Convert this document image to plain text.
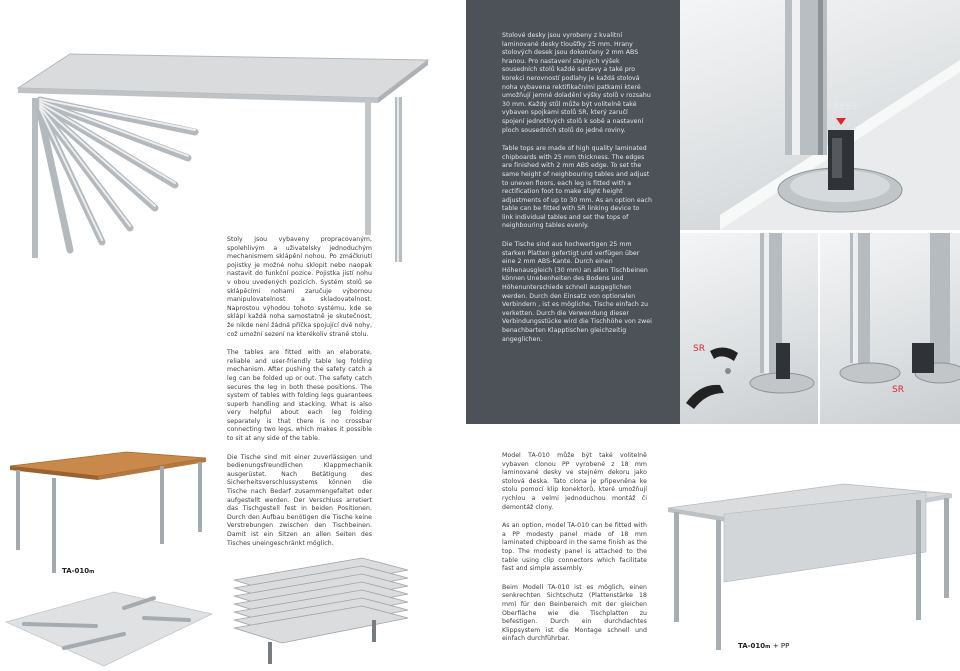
Stoly jsou vybaveny propracovaným, spolehlivým a uživatelsky jednoduchým mechanismem sklápění nohou. Po zmáčknutí pojistky je možné nohu sklopit nebo naopak nastavit do funkční pozice. Pojistka jistí nohu v obou uvedených pozicích. Systém stolů se sklápěcími nohami zaručuje výbornou manipulovatelnost a skladovatelnost. Naprostou výhodou tohoto systému, kde se sklápí každá noha samostatně je skutečnost, že nikde není žádná příčka spojující dvě nohy, což umožní sezení na kterékoliv straně stolu.

The tables are fitted with an elaborate, reliable and user-friendly table leg folding mechanism. After pushing the safety catch a leg can be folded up or out. The safety catch secures the leg in both these positions. The system of tables with folding legs guarantees superb handling and stacking. What is also very helpful about each leg folding separately is that there is no crossbar connecting two legs, which makes it possible to sit at any side of the table.

Die Tische sind mit einer zuverlässigen und bedienungsfreundlichen Klappmechanik ausgerüstet. Nach Betätigung des Sicherheitsverschlussystems können die Tische nach Bedarf zusammengefaltet oder aufgestellt werden. Der Verschluss arretiert das Tischgestell fest in beiden Positionen. Durch den Aufbau benötigen die Tische keine Verstrebungen zwischen den Tischbeinen. Damit ist ein Sitzen an allen Seiten des Tisches uneingeschränkt möglich.

TA-010m

Stolové desky jsou vyrobeny z kvalitní laminované desky tloušťky 25 mm. Hrany stolových desek jsou dokončeny 2 mm ABS hranou. Pro nastavení stejných výšek sousedních stolů každé sestavy a také pro korekci nerovností podlahy je každá stolová noha vybavena rektifikačními patkami které umožňují jemné doladění výšky stolů v rozsahu 30 mm. Každý stůl může být volitelně také vybaven spojkami stolů SR, který zaručí spojení jednotlivých stolů k sobě a nastavení ploch sousedních stolů do jedné roviny.

Table tops are made of high quality laminated chipboards with 25 mm thickness. The edges are finished with 2 mm ABS edge. To set the same height of neighbouring tables and adjust to uneven floors, each leg is fitted with a rectification foot to make slight height adjustments of up to 30 mm. As an option each table can be fitted with SR linking device to link individual tables and set the tops of neighbouring tables evenly.

Die Tische sind aus hochwertigen 25 mm starken Platten gefertigt und verfügen über eine 2 mm ABS-Kante. Durch einen Höhenausgleich (30 mm) an allen Tischbeinen können Unebenheiten des Bodens und Höhenunterschiede schnell ausgeglichen werden. Durch den Einsatz von optionalen Verbindern , ist es mögliche, Tische einfach zu verketten. Durch die Verwendung dieser Verbindungsstücke wird die Tischhöhe von zwei benachbarten Klapptischen gleichzeitig angeglichen.

PRESS
SR
SR

Model TA-010 může být také volitelně vybaven clonou PP vyrobené z 18 mm laminované desky ve stejném dekoru jako stolová deska. Tato clona je připevněna ke stolu pomocí klip konektorů, které umožňují rychlou a velmi jednoduchou montáž či demontáž clony.

As an option, model TA-010 can be fitted with a PP modesty panel made of 18 mm laminated chipboard in the same finish as the top. The modesty panel is attached to the table using clip connectors which facilitate fast and simple assembly.

Beim Modell TA-010 ist es möglich, einen senkrechten Sichtschutz (Plattenstärke 18 mm) für den Beinbereich mit der gleichen Oberfläche wie die Tischplatten zu befestigen. Durch ein durchdachtes Klippsystem ist die Montage schnell und einfach durchführbar.

TA-010m + PP
